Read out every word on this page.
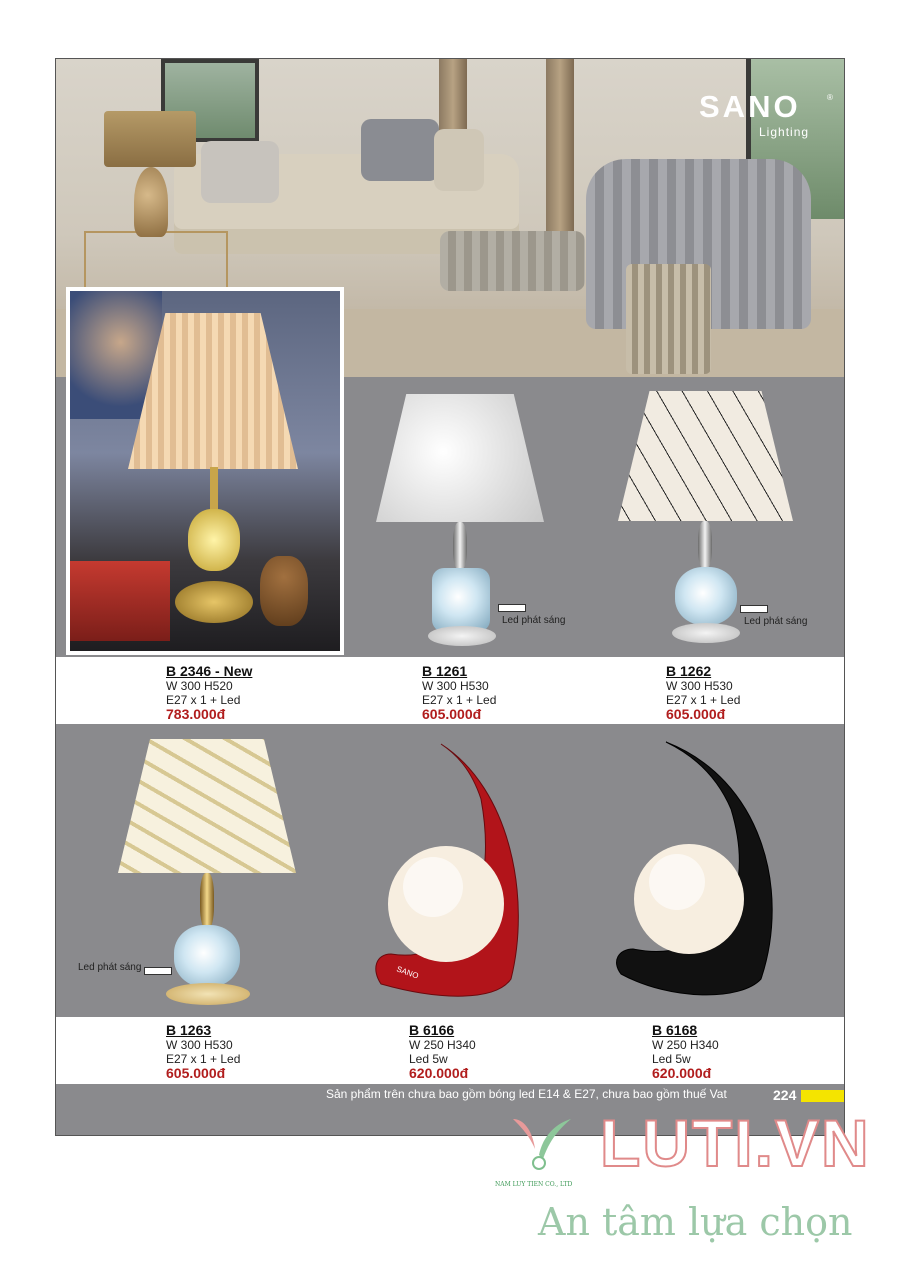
SANO
Lighting
®
Led phát sáng	Led phát sáng
B 2346 - New
W 300 H520
E27 x 1 + Led
783.000đ
B 1261
W 300 H530
E27 x 1 + Led
605.000đ
B 1262
W 300 H530
E27 x 1 + Led
605.000đ
Led phát sáng	SANO
B 1263
W 300 H530
E27 x 1 + Led
605.000đ
B 6166
W 250 H340
Led 5w
620.000đ
B 6168
W 250 H340
Led 5w
620.000đ
Sản phẩm trên chưa bao gồm bóng led E14 & E27, chưa bao gồm thuế Vat	224
NAM LUY TIEN CO., LTD
LUTI.VN
An tâm lựa chọn
